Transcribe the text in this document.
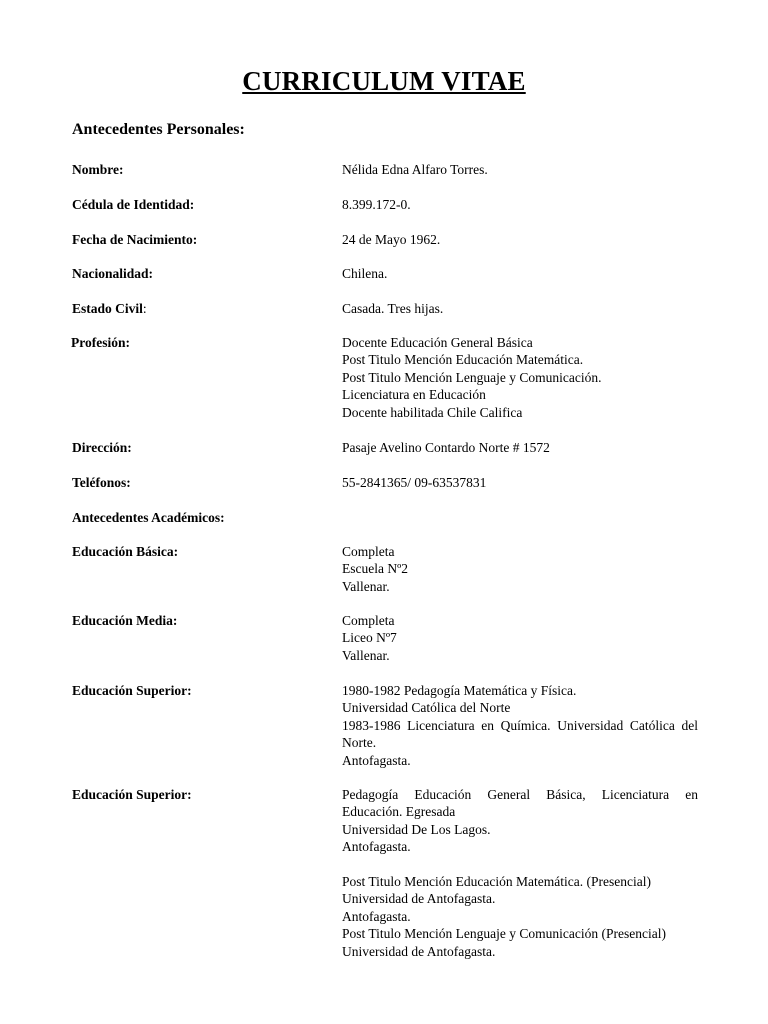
CURRICULUM VITAE
Antecedentes Personales:
Nombre:	Nélida Edna Alfaro Torres.
Cédula de Identidad:	8.399.172-0.
Fecha de Nacimiento:	24 de Mayo 1962.
Nacionalidad:	Chilena.
Estado Civil:	Casada. Tres hijas.
Profesión:	Docente Educación General Básica
Post Titulo Mención Educación Matemática.
Post Titulo Mención Lenguaje y Comunicación.
Licenciatura en Educación
Docente habilitada Chile Califica
Dirección:	Pasaje Avelino Contardo Norte # 1572
Teléfonos:	55-2841365/ 09-63537831
Antecedentes Académicos:
Educación Básica:	Completa
Escuela Nº2
Vallenar.
Educación Media:	Completa
Liceo Nº7
Vallenar.
Educación Superior:	1980-1982 Pedagogía Matemática y Física.
Universidad Católica del Norte
1983-1986 Licenciatura en Química. Universidad Católica del Norte.
Antofagasta.
Educación Superior:	Pedagogía Educación General Básica, Licenciatura en Educación. Egresada
Universidad De Los Lagos.
Antofagasta.
Post Titulo Mención Educación Matemática. (Presencial)
Universidad de Antofagasta.
Antofagasta.
Post Titulo Mención Lenguaje y Comunicación (Presencial)
Universidad de Antofagasta.
